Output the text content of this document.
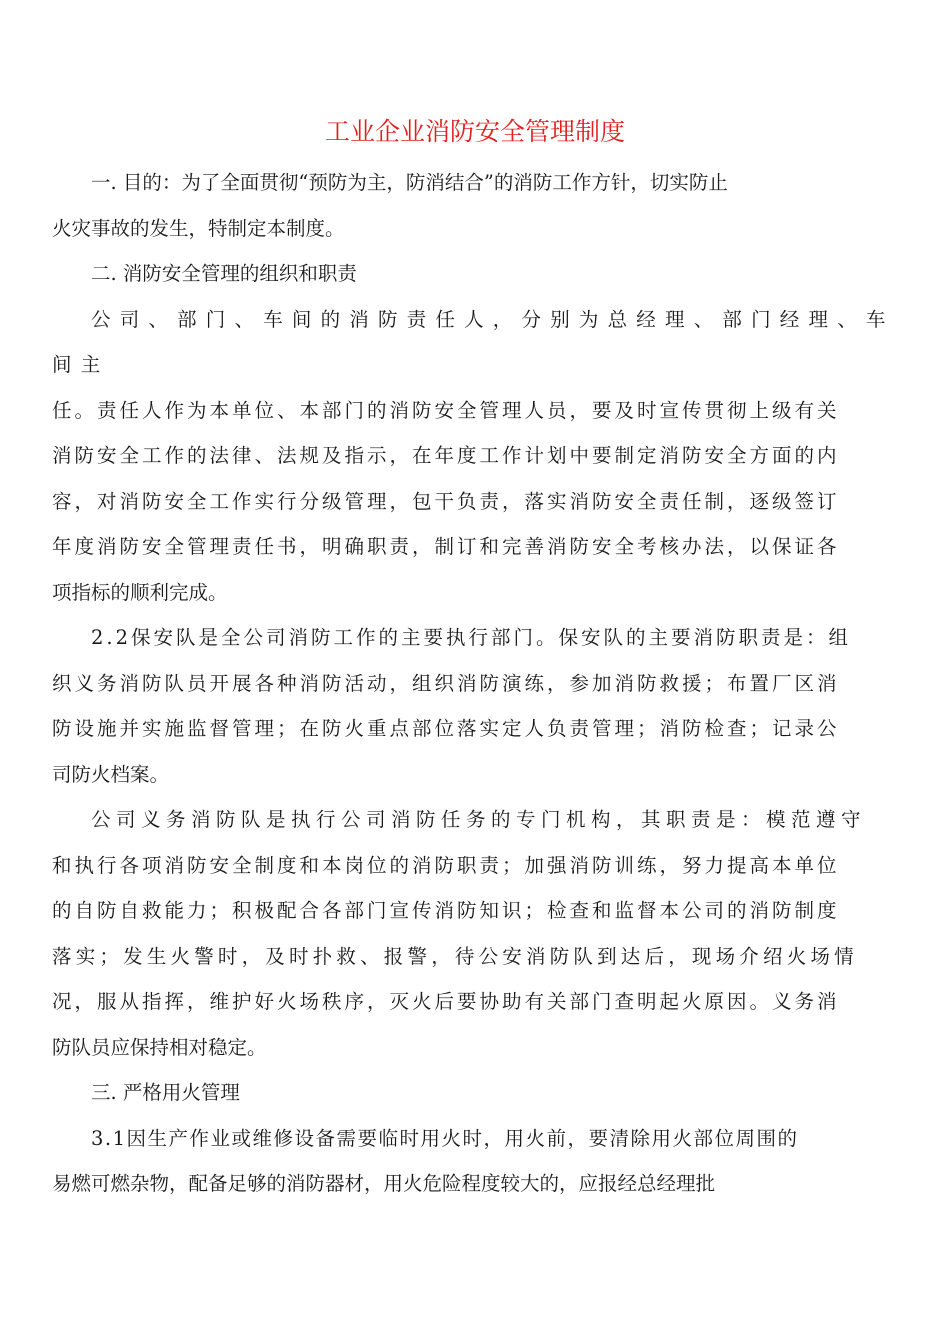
工业企业消防安全管理制度
一. 目的：为了全面贯彻“预防为主，防消结合”的消防工作方针，切实防止
火灾事故的发生，特制定本制度。
二. 消防安全管理的组织和职责
公司、部门、车间的消防责任人，分别为总经理、部门经理、车间主
任。责任人作为本单位、本部门的消防安全管理人员，要及时宣传贯彻上级有关
消防安全工作的法律、法规及指示，在年度工作计划中要制定消防安全方面的内
容，对消防安全工作实行分级管理，包干负责，落实消防安全责任制，逐级签订
年度消防安全管理责任书，明确职责，制订和完善消防安全考核办法，以保证各
项指标的顺利完成。
2.2保安队是全公司消防工作的主要执行部门。保安队的主要消防职责是：组
织义务消防队员开展各种消防活动，组织消防演练，参加消防救援；布置厂区消
防设施并实施监督管理；在防火重点部位落实定人负责管理；消防检查；记录公
司防火档案。
公司义务消防队是执行公司消防任务的专门机构，其职责是：模范遵守
和执行各项消防安全制度和本岗位的消防职责；加强消防训练，努力提高本单位
的自防自救能力；积极配合各部门宣传消防知识；检查和监督本公司的消防制度
落实；发生火警时，及时扑救、报警，待公安消防队到达后，现场介绍火场情
况，服从指挥，维护好火场秩序，灭火后要协助有关部门查明起火原因。义务消
防队员应保持相对稳定。
三. 严格用火管理
3.1因生产作业或维修设备需要临时用火时，用火前，要清除用火部位周围的
易燃可燃杂物，配备足够的消防器材，用火危险程度较大的，应报经总经理批
